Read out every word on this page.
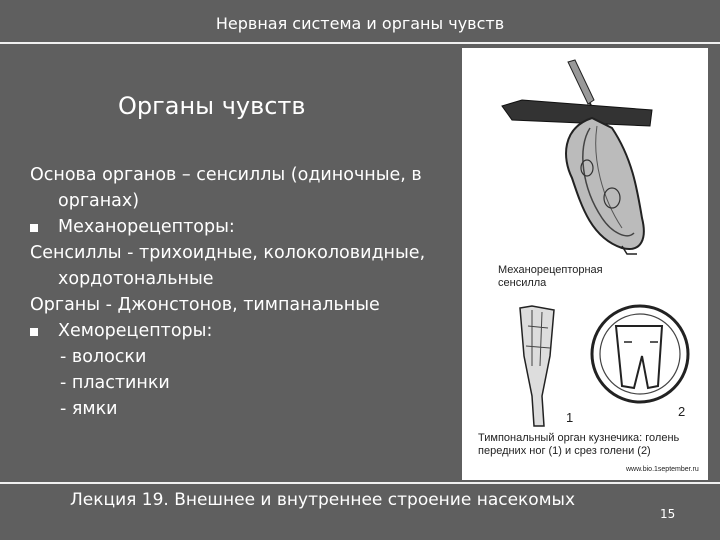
Нервная система и органы чувств
Органы чувств
Основа органов – сенсиллы (одиночные, в
органах)
Механорецепторы:
Сенсиллы - трихоидные, колоколовидные,
хордотональные
Органы - Джонстонов, тимпанальные
Хеморецепторы:
- волоски
- пластинки
- ямки
Механорецепторная сенсилла
1	2
Тимпональный орган кузнечика: голень передних ног (1) и срез голени (2)
www.bio.1september.ru
Лекция 19. Внешнее и внутреннее строение насекомых
15
